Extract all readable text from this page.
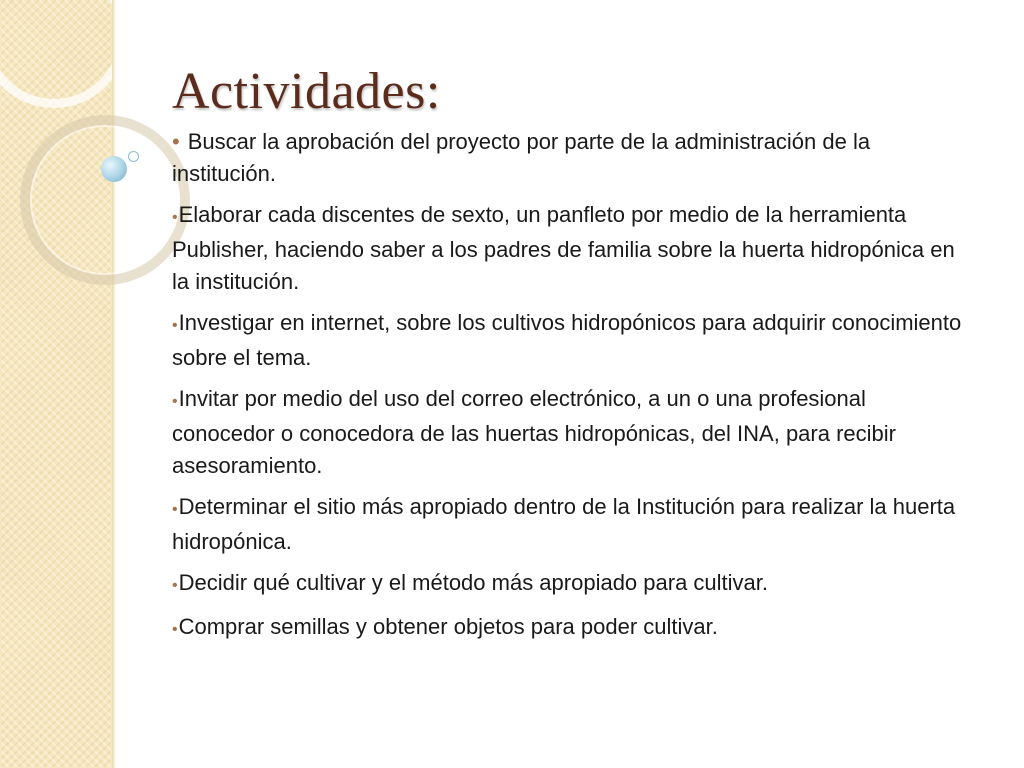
Actividades:
• Buscar la aprobación del proyecto por parte de la administración de la institución.
•Elaborar cada discentes de sexto, un panfleto por medio de la herramienta Publisher, haciendo saber a los padres de familia sobre la huerta hidropónica en la institución.
•Investigar en internet, sobre los cultivos hidropónicos para adquirir conocimiento sobre el tema.
•Invitar por medio del uso del correo electrónico, a un o una profesional conocedor o conocedora de las huertas hidropónicas, del INA, para recibir asesoramiento.
•Determinar el sitio más apropiado dentro de la Institución para realizar la huerta hidropónica.
•Decidir qué cultivar y el método más apropiado para cultivar.
•Comprar semillas y obtener objetos para poder cultivar.
